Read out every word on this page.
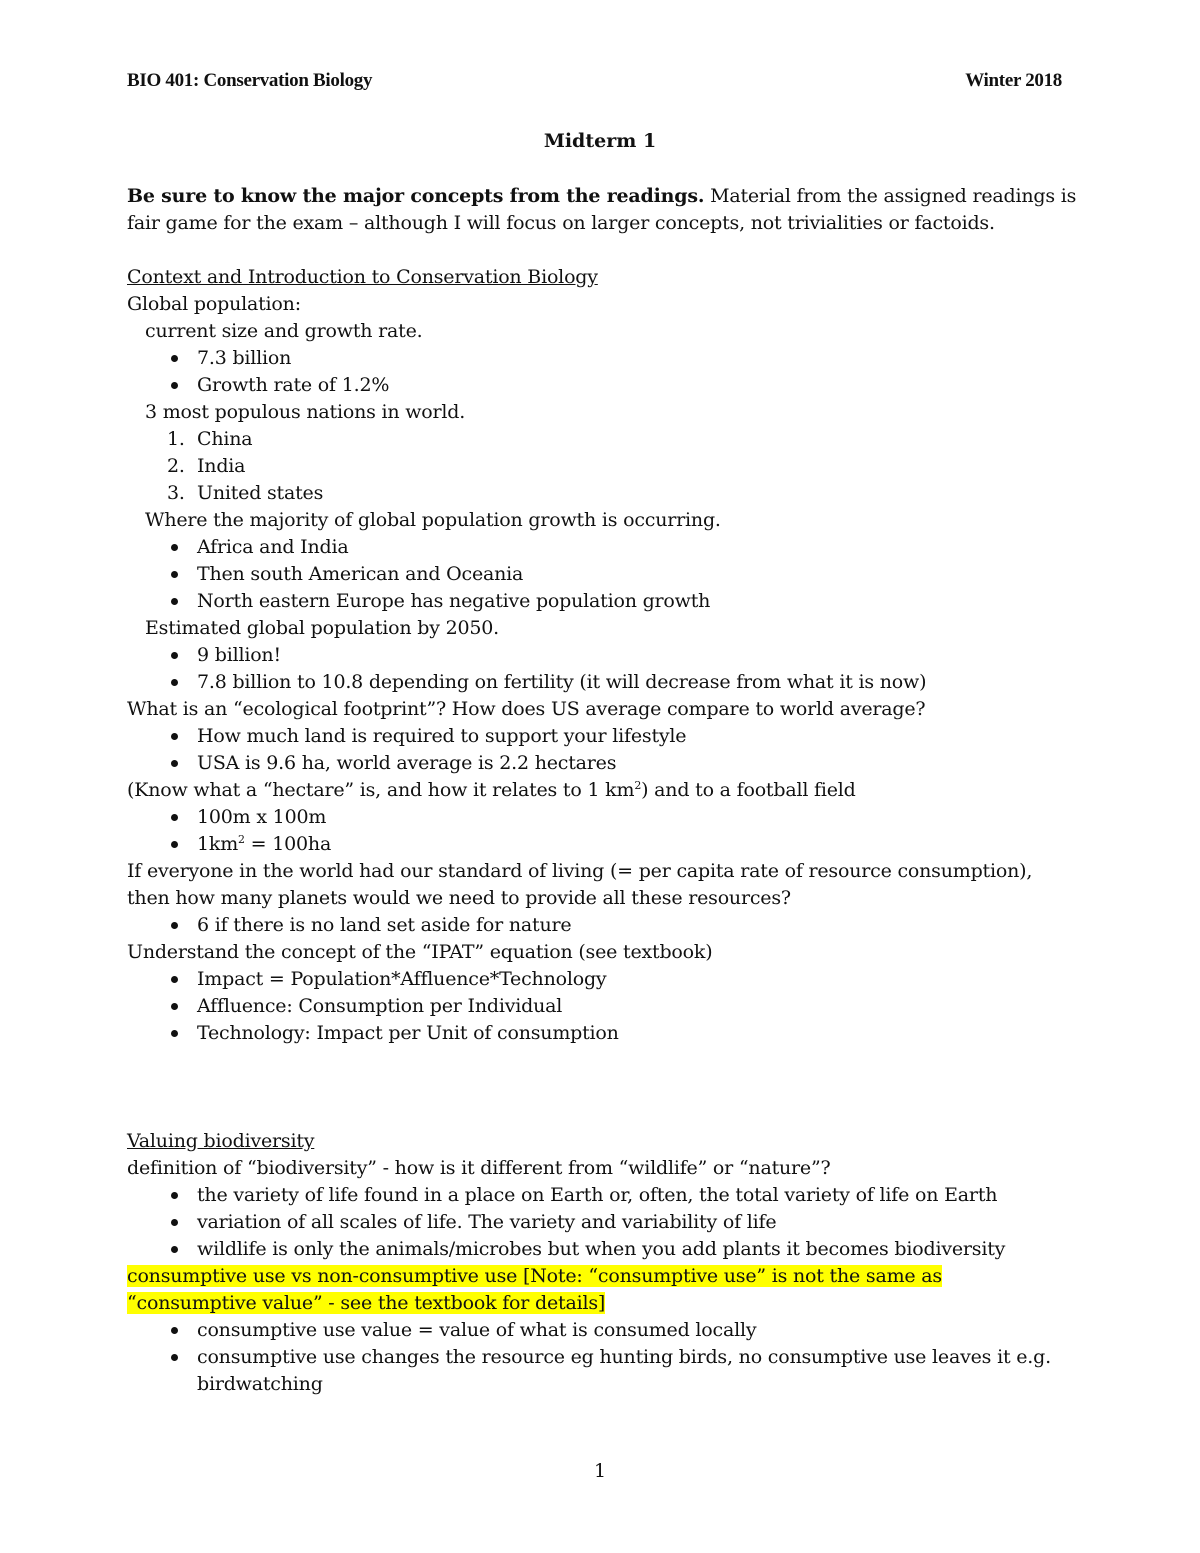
BIO 401: Conservation Biology	Winter 2018
Midterm 1

Be sure to know the major concepts from the readings. Material from the assigned readings is fair game for the exam – although I will focus on larger concepts, not trivialities or factoids.

Context and Introduction to Conservation Biology
Global population:
current size and growth rate.
7.3 billion
Growth rate of 1.2%
3 most populous nations in world.
1. China
2. India
3. United states
Where the majority of global population growth is occurring.
Africa and India
Then south American and Oceania
North eastern Europe has negative population growth
Estimated global population by 2050.
9 billion!
7.8 billion to 10.8 depending on fertility (it will decrease from what it is now)
What is an “ecological footprint”? How does US average compare to world average?
How much land is required to support your lifestyle
USA is 9.6 ha, world average is 2.2 hectares
(Know what a “hectare” is, and how it relates to 1 $km^2$) and to a football field
100m x 100m
$1km^2 = 100ha$
If everyone in the world had our standard of living (= per capita rate of resource consumption), then how many planets would we need to provide all these resources?
6 if there is no land set aside for nature
Understand the concept of the “IPAT” equation (see textbook)
Impact = Population*Affluence*Technology
Affluence: Consumption per Individual
Technology: Impact per Unit of consumption
Valuing biodiversity
definition of “biodiversity” - how is it different from “wildlife” or “nature”?
the variety of life found in a place on Earth or, often, the total variety of life on Earth
variation of all scales of life. The variety and variability of life
wildlife is only the animals/microbes but when you add plants it becomes biodiversity
consumptive use vs non-consumptive use [Note: “consumptive use” is not the same as
“consumptive value” - see the textbook for details]
consumptive use value = value of what is consumed locally
consumptive use changes the resource eg hunting birds, no consumptive use leaves it e.g. birdwatching
1
